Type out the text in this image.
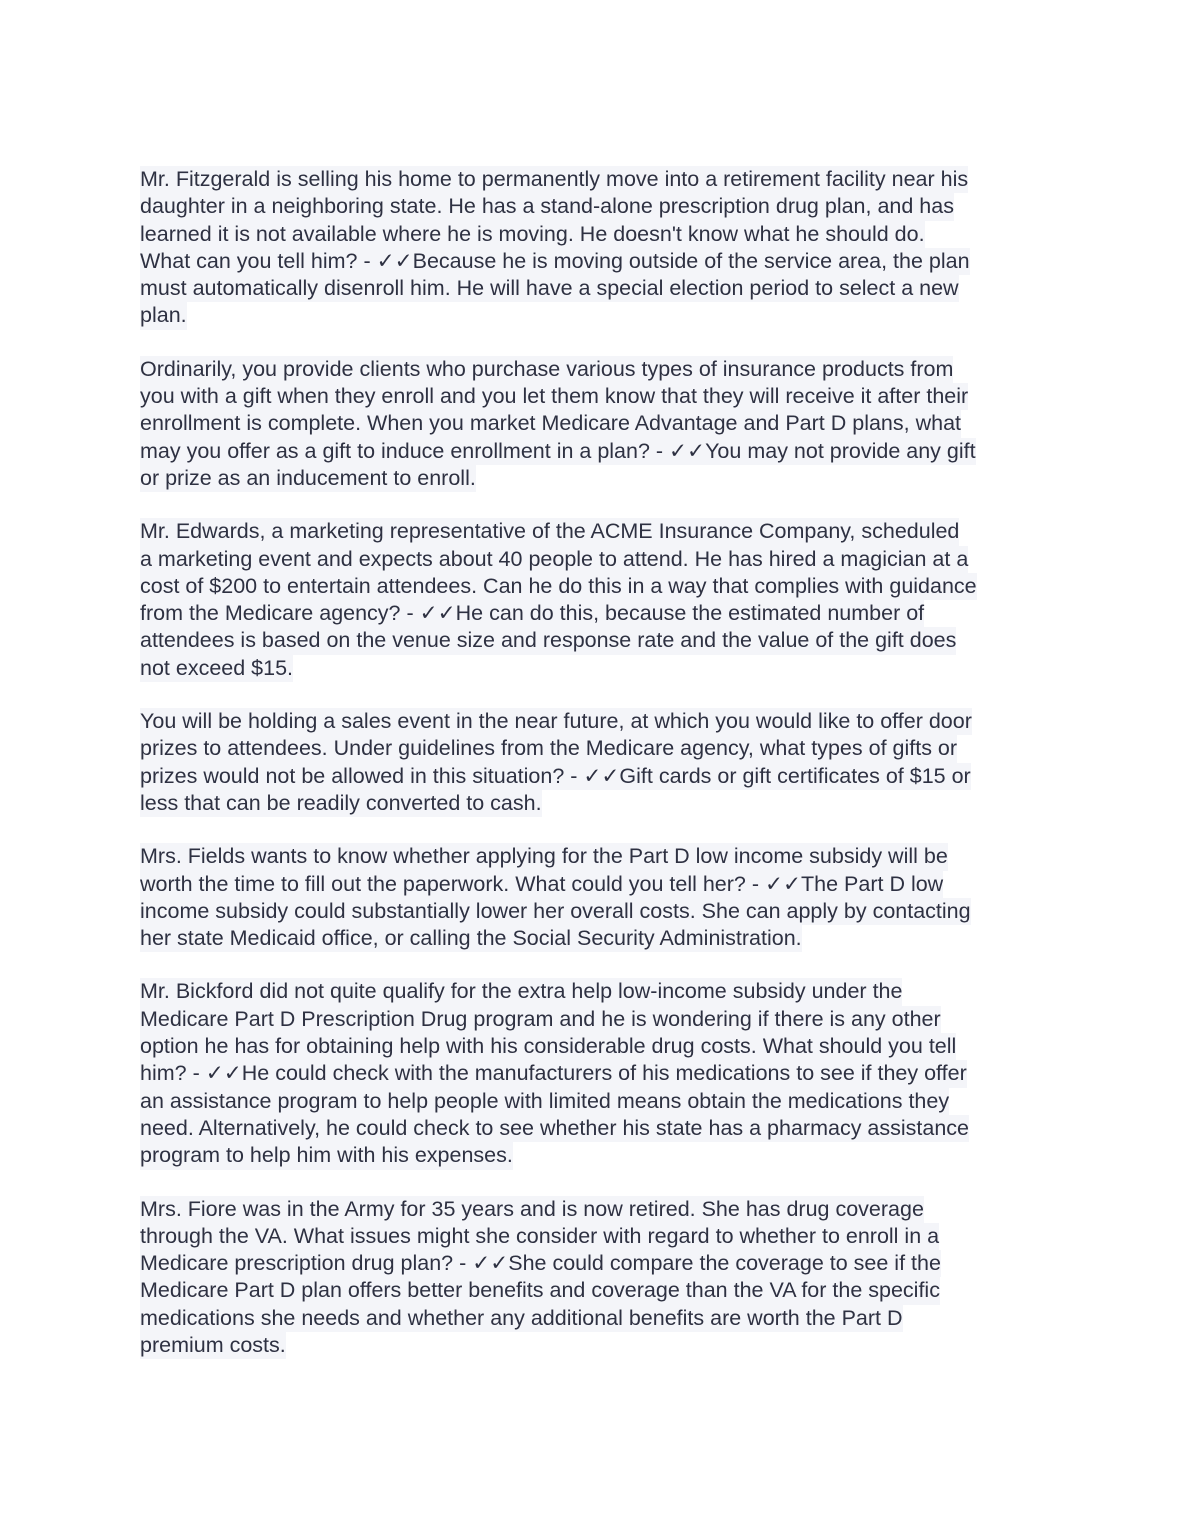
Mr. Fitzgerald is selling his home to permanently move into a retirement facility near his
daughter in a neighboring state. He has a stand-alone prescription drug plan, and has
learned it is not available where he is moving. He doesn't know what he should do.
What can you tell him? - ✓✓Because he is moving outside of the service area, the plan
must automatically disenroll him. He will have a special election period to select a new
plan.
Ordinarily, you provide clients who purchase various types of insurance products from
you with a gift when they enroll and you let them know that they will receive it after their
enrollment is complete. When you market Medicare Advantage and Part D plans, what
may you offer as a gift to induce enrollment in a plan? - ✓✓You may not provide any gift
or prize as an inducement to enroll.
Mr. Edwards, a marketing representative of the ACME Insurance Company, scheduled
a marketing event and expects about 40 people to attend. He has hired a magician at a
cost of $200 to entertain attendees. Can he do this in a way that complies with guidance
from the Medicare agency? - ✓✓He can do this, because the estimated number of
attendees is based on the venue size and response rate and the value of the gift does
not exceed $15.
You will be holding a sales event in the near future, at which you would like to offer door
prizes to attendees. Under guidelines from the Medicare agency, what types of gifts or
prizes would not be allowed in this situation? - ✓✓Gift cards or gift certificates of $15 or
less that can be readily converted to cash.
Mrs. Fields wants to know whether applying for the Part D low income subsidy will be
worth the time to fill out the paperwork. What could you tell her? - ✓✓The Part D low
income subsidy could substantially lower her overall costs. She can apply by contacting
her state Medicaid office, or calling the Social Security Administration.
Mr. Bickford did not quite qualify for the extra help low-income subsidy under the
Medicare Part D Prescription Drug program and he is wondering if there is any other
option he has for obtaining help with his considerable drug costs. What should you tell
him? - ✓✓He could check with the manufacturers of his medications to see if they offer
an assistance program to help people with limited means obtain the medications they
need. Alternatively, he could check to see whether his state has a pharmacy assistance
program to help him with his expenses.
Mrs. Fiore was in the Army for 35 years and is now retired. She has drug coverage
through the VA. What issues might she consider with regard to whether to enroll in a
Medicare prescription drug plan? - ✓✓She could compare the coverage to see if the
Medicare Part D plan offers better benefits and coverage than the VA for the specific
medications she needs and whether any additional benefits are worth the Part D
premium costs.
